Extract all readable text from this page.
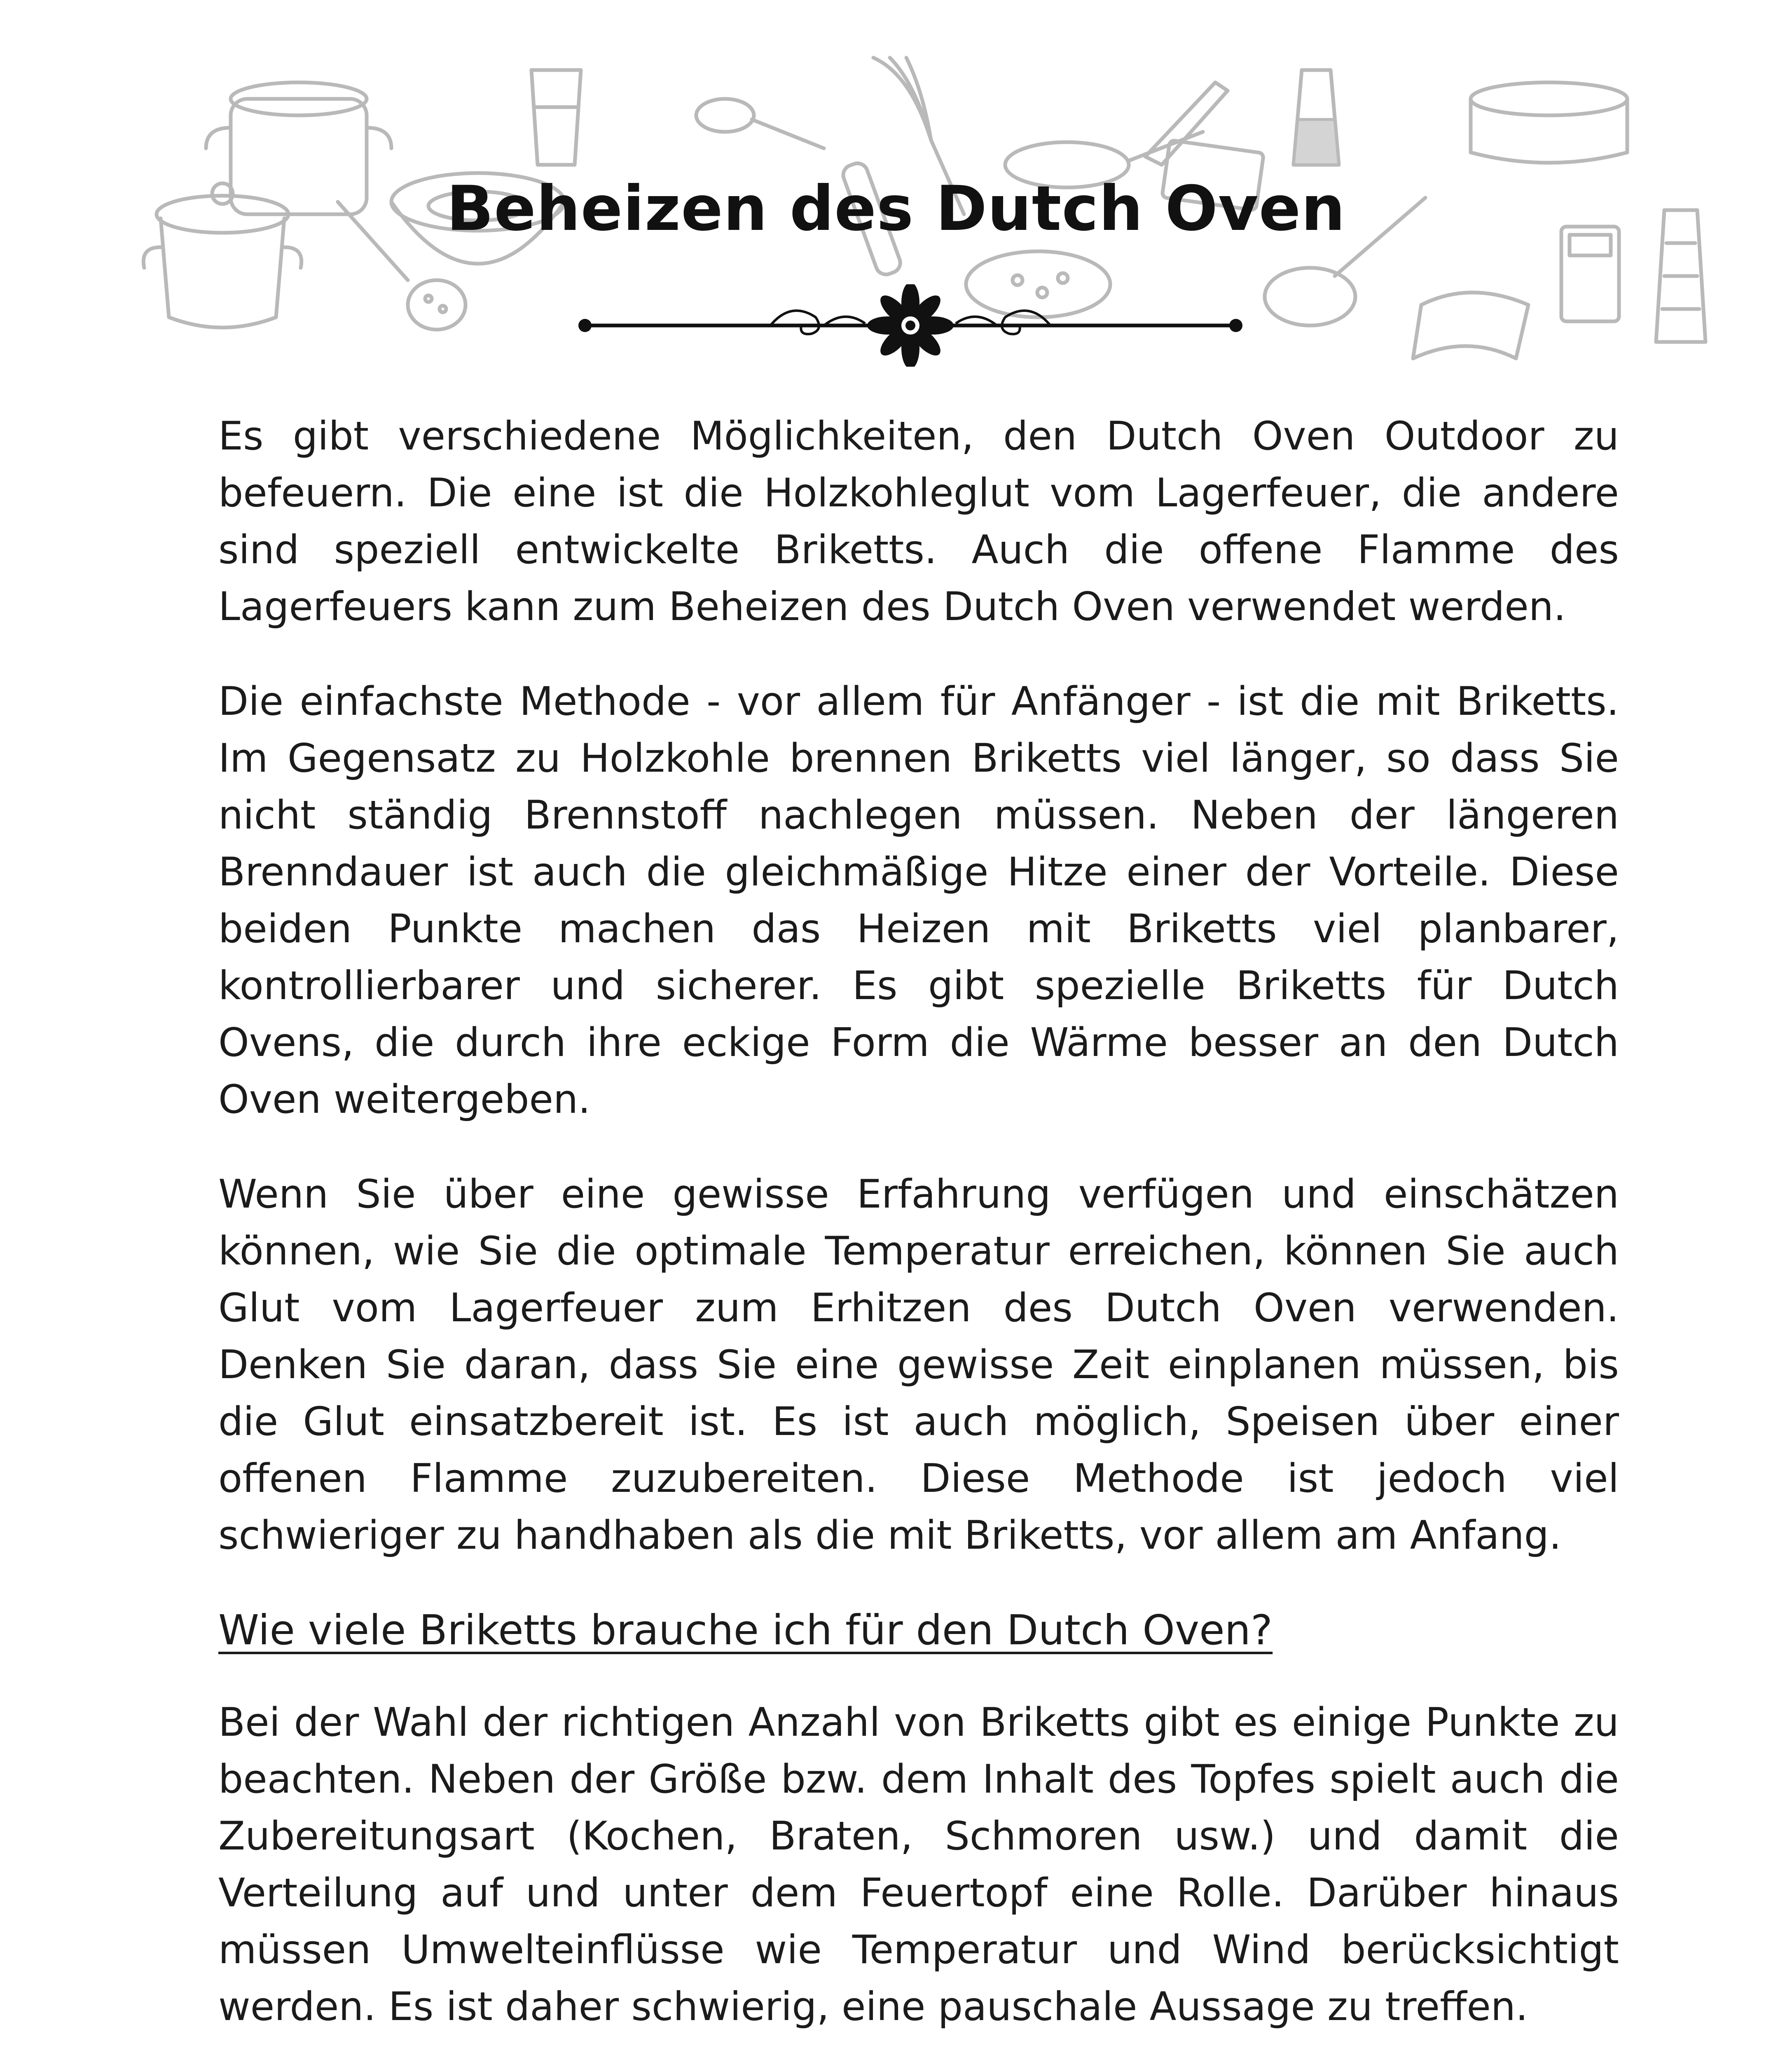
Beheizen des Dutch Oven

Es gibt verschiedene Möglichkeiten, den Dutch Oven Outdoor zu befeuern. Die eine ist die Holzkohleglut vom Lagerfeuer, die andere sind speziell entwickelte Briketts. Auch die offene Flamme des Lagerfeuers kann zum Beheizen des Dutch Oven verwendet werden.

Die einfachste Methode - vor allem für Anfänger - ist die mit Briketts. Im Gegensatz zu Holzkohle brennen Briketts viel länger, so dass Sie nicht ständig Brennstoff nachlegen müssen. Neben der längeren Brenndauer ist auch die gleichmäßige Hitze einer der Vorteile. Diese beiden Punkte machen das Heizen mit Briketts viel planbarer, kontrollierbarer und sicherer. Es gibt spezielle Briketts für Dutch Ovens, die durch ihre eckige Form die Wärme besser an den Dutch Oven weitergeben.

Wenn Sie über eine gewisse Erfahrung verfügen und einschätzen können, wie Sie die optimale Temperatur erreichen, können Sie auch Glut vom Lagerfeuer zum Erhitzen des Dutch Oven verwenden. Denken Sie daran, dass Sie eine gewisse Zeit einplanen müssen, bis die Glut einsatzbereit ist. Es ist auch möglich, Speisen über einer offenen Flamme zuzubereiten. Diese Methode ist jedoch viel schwieriger zu handhaben als die mit Briketts, vor allem am Anfang.

Wie viele Briketts brauche ich für den Dutch Oven?

Bei der Wahl der richtigen Anzahl von Briketts gibt es einige Punkte zu beachten. Neben der Größe bzw. dem Inhalt des Topfes spielt auch die Zubereitungsart (Kochen, Braten, Schmoren usw.) und damit die Verteilung auf und unter dem Feuertopf eine Rolle. Darüber hinaus müssen Umwelteinflüsse wie Temperatur und Wind berücksichtigt werden. Es ist daher schwierig, eine pauschale Aussage zu treffen.
